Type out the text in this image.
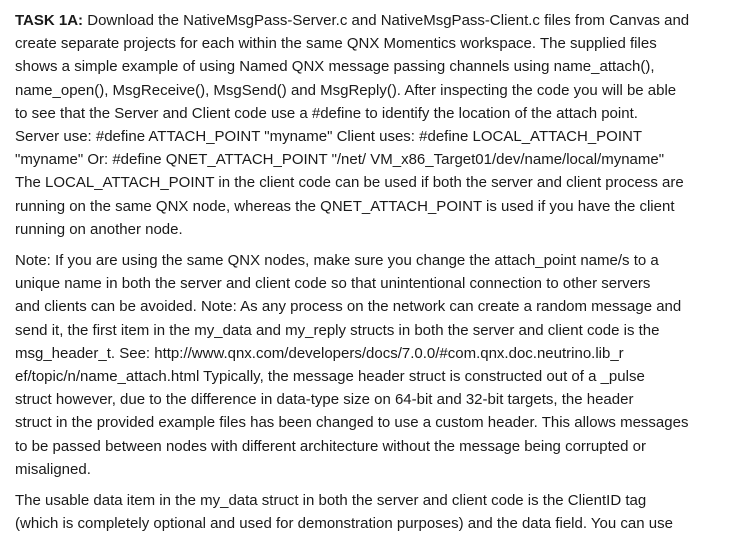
TASK 1A: Download the NativeMsgPass-Server.c and NativeMsgPass-Client.c files from Canvas and
create separate projects for each within the same QNX Momentics workspace. The supplied files
shows a simple example of using Named QNX message passing channels using name_attach(),
name_open(), MsgReceive(), MsgSend() and MsgReply(). After inspecting the code you will be able
to see that the Server and Client code use a #define to identify the location of the attach point.
Server use: #define ATTACH_POINT "myname" Client uses: #define LOCAL_ATTACH_POINT
"myname" Or: #define QNET_ATTACH_POINT "/net/ VM_x86_Target01/dev/name/local/myname"
The LOCAL_ATTACH_POINT in the client code can be used if both the server and client process are
running on the same QNX node, whereas the QNET_ATTACH_POINT is used if you have the client
running on another node.

Note: If you are using the same QNX nodes, make sure you change the attach_point name/s to a
unique name in both the server and client code so that unintentional connection to other servers
and clients can be avoided. Note: As any process on the network can create a random message and
send it, the first item in the my_data and my_reply structs in both the server and client code is the
msg_header_t. See: http://www.qnx.com/developers/docs/7.0.0/#com.qnx.doc.neutrino.lib_r
ef/topic/n/name_attach.html Typically, the message header struct is constructed out of a _pulse
struct however, due to the difference in data-type size on 64-bit and 32-bit targets, the header
struct in the provided example files has been changed to use a custom header. This allows messages
to be passed between nodes with different architecture without the message being corrupted or
misaligned.

The usable data item in the my_data struct in both the server and client code is the ClientID tag
(which is completely optional and used for demonstration purposes) and the data field. You can use
